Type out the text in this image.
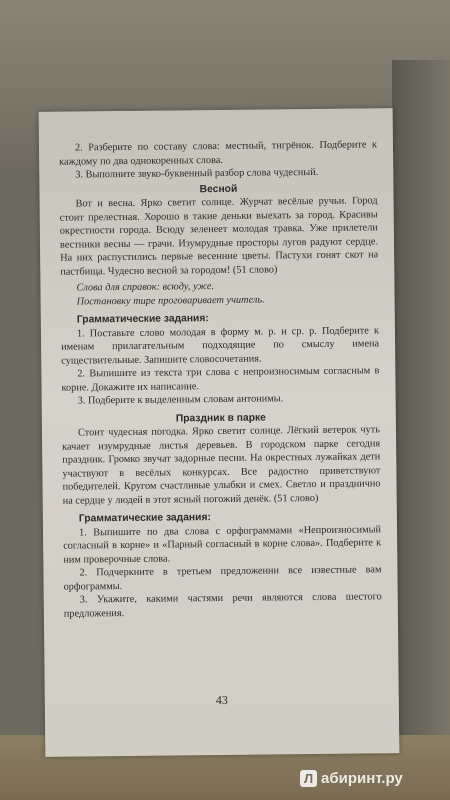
2. Разберите по составу слова: местный, тигрёнок. Подберите к каждому по два однокоренных слова.

3. Выполните звуко-буквенный разбор слова чудесный.

Весной

Вот и весна. Ярко светит солнце. Журчат весёлые ручьи. Город стоит прелестная. Хорошо в такие деньки выехать за город. Красивы окрестности города. Всюду зеленеет молодая травка. Уже прилетели вестники весны — грачи. Изумрудные просторы лугов радуют сердце. На них распустились первые весенние цветы. Пастухи гонят скот на пастбища. Чудесно весной за городом! (51 слово)

Слова для справок: всюду, уже.

Постановку тире проговаривает учитель.

Грамматические задания:

1. Поставьте слово молодая в форму м. р. и ср. р. Подберите к именам прилагательным подходящие по смыслу имена существительные. Запишите словосочетания.

2. Выпишите из текста три слова с непроизносимым согласным в корне. Докажите их написание.

3. Подберите к выделенным словам антонимы.

Праздник в парке

Стоит чудесная погодка. Ярко светит солнце. Лёгкий ветерок чуть качает изумрудные листья деревьев. В городском парке сегодня праздник. Громко звучат задорные песни. На окрестных лужайках дети участвуют в весёлых конкурсах. Все радостно приветствуют победителей. Кругом счастливые улыбки и смех. Светло и празднично на сердце у людей в этот ясный погожий денёк. (51 слово)

Грамматические задания:

1. Выпишите по два слова с орфограммами «Непроизносимый согласный в корне» и «Парный согласный в корне слова». Подберите к ним проверочные слова.

2. Подчеркните в третьем предложении все известные вам орфограммы.

3. Укажите, какими частями речи являются слова шестого предложения.

43
Л абиринт.ру
